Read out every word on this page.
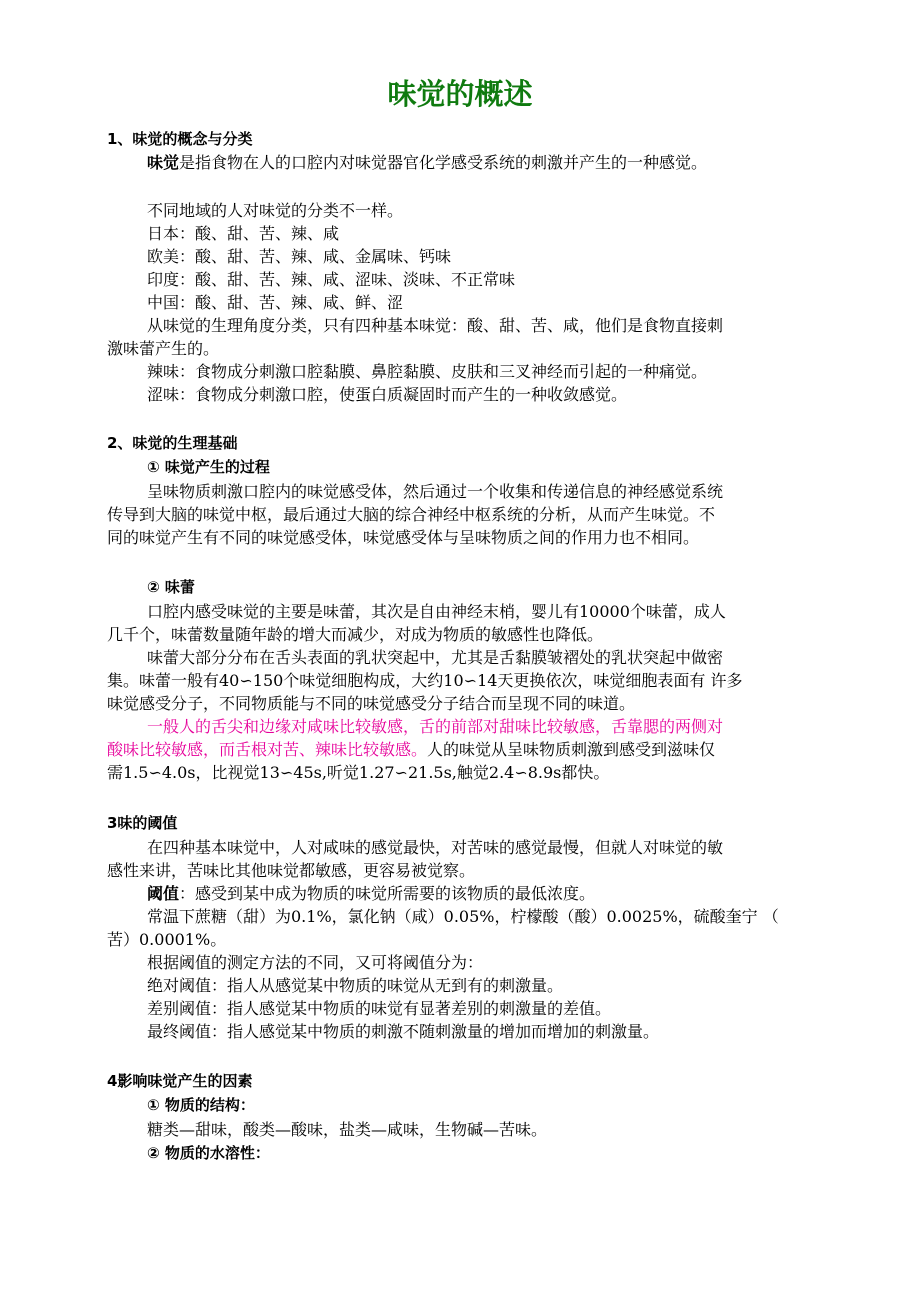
味觉的概述
1、味觉的概念与分类
味觉是指食物在人的口腔内对味觉器官化学感受系统的刺激并产生的一种感觉。
不同地域的人对味觉的分类不一样。
日本：酸、甜、苦、辣、咸
欧美：酸、甜、苦、辣、咸、金属味、钙味
印度：酸、甜、苦、辣、咸、涩味、淡味、不正常味
中国：酸、甜、苦、辣、咸、鲜、涩
从味觉的生理角度分类，只有四种基本味觉：酸、甜、苦、咸，他们是食物直接刺
激味蕾产生的。
辣味：食物成分刺激口腔黏膜、鼻腔黏膜、皮肤和三叉神经而引起的一种痛觉。
涩味：食物成分刺激口腔，使蛋白质凝固时而产生的一种收敛感觉。
2、味觉的生理基础
① 味觉产生的过程
呈味物质刺激口腔内的味觉感受体，然后通过一个收集和传递信息的神经感觉系统
传导到大脑的味觉中枢，最后通过大脑的综合神经中枢系统的分析，从而产生味觉。不
同的味觉产生有不同的味觉感受体，味觉感受体与呈味物质之间的作用力也不相同。
② 味蕾
口腔内感受味觉的主要是味蕾，其次是自由神经末梢，婴儿有10000个味蕾，成人
几千个，味蕾数量随年龄的增大而减少，对成为物质的敏感性也降低。
味蕾大部分分布在舌头表面的乳状突起中，尤其是舌黏膜皱褶处的乳状突起中做密
集。味蕾一般有40∽150个味觉细胞构成，大约10∽14天更换依次，味觉细胞表面有 许多
味觉感受分子，不同物质能与不同的味觉感受分子结合而呈现不同的味道。
一般人的舌尖和边缘对咸味比较敏感，舌的前部对甜味比较敏感，舌靠腮的两侧对
酸味比较敏感，而舌根对苦、辣味比较敏感。人的味觉从呈味物质刺激到感受到滋味仅
需1.5∽4.0s，比视觉13∽45s,听觉1.27∽21.5s,触觉2.4∽8.9s都快。
3味的阈值
在四种基本味觉中，人对咸味的感觉最快，对苦味的感觉最慢，但就人对味觉的敏
感性来讲，苦味比其他味觉都敏感，更容易被觉察。
阈值：感受到某中成为物质的味觉所需要的该物质的最低浓度。
常温下蔗糖（甜）为0.1%，氯化钠（咸）0.05%，柠檬酸（酸）0.0025%，硫酸奎宁 （
苦）0.0001%。
根据阈值的测定方法的不同，又可将阈值分为：
绝对阈值：指人从感觉某中物质的味觉从无到有的刺激量。
差别阈值：指人感觉某中物质的味觉有显著差别的刺激量的差值。
最终阈值：指人感觉某中物质的刺激不随刺激量的增加而增加的刺激量。
4影响味觉产生的因素
① 物质的结构：
糖类—甜味，酸类—酸味，盐类—咸味，生物碱—苦味。
② 物质的水溶性：
